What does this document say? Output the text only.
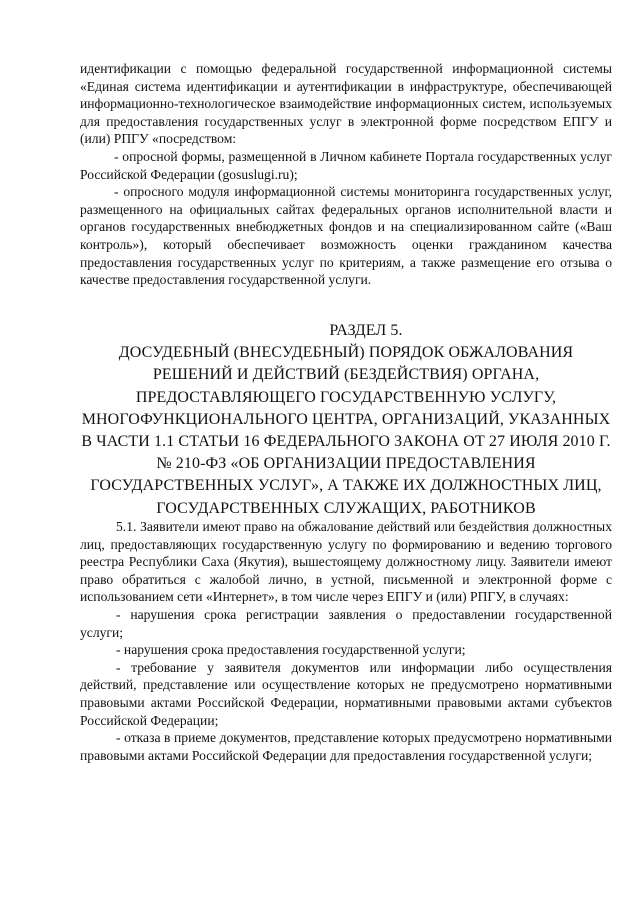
идентификации с помощью федеральной государственной информационной системы «Единая система идентификации и аутентификации в инфраструктуре, обеспечивающей информационно-технологическое взаимодействие информационных систем, используемых для предоставления государственных услуг в электронной форме посредством ЕПГУ и (или) РПГУ «посредством:

- опросной формы, размещенной в Личном кабинете Портала государственных услуг Российской Федерации (gosuslugi.ru);

- опросного модуля информационной системы мониторинга государственных услуг, размещенного на официальных сайтах федеральных органов исполнительной власти и органов государственных внебюджетных фондов и на специализированном сайте («Ваш контроль»), который обеспечивает возможность оценки гражданином качества предоставления государственных услуг по критериям, а также размещение его отзыва о качестве предоставления государственной услуги.

РАЗДЕЛ 5.
ДОСУДЕБНЫЙ (ВНЕСУДЕБНЫЙ) ПОРЯДОК ОБЖАЛОВАНИЯ РЕШЕНИЙ И ДЕЙСТВИЙ (БЕЗДЕЙСТВИЯ) ОРГАНА, ПРЕДОСТАВЛЯЮЩЕГО ГОСУДАРСТВЕННУЮ УСЛУГУ, МНОГОФУНКЦИОНАЛЬНОГО ЦЕНТРА, ОРГАНИЗАЦИЙ, УКАЗАННЫХ В ЧАСТИ 1.1 СТАТЬИ 16 ФЕДЕРАЛЬНОГО ЗАКОНА ОТ 27 ИЮЛЯ 2010 Г. № 210-ФЗ «ОБ ОРГАНИЗАЦИИ ПРЕДОСТАВЛЕНИЯ ГОСУДАРСТВЕННЫХ УСЛУГ», А ТАКЖЕ ИХ ДОЛЖНОСТНЫХ ЛИЦ, ГОСУДАРСТВЕННЫХ СЛУЖАЩИХ, РАБОТНИКОВ

5.1. Заявители имеют право на обжалование действий или бездействия должностных лиц, предоставляющих государственную услугу по формированию и ведению торгового реестра Республики Саха (Якутия), вышестоящему должностному лицу. Заявители имеют право обратиться с жалобой лично, в устной, письменной и электронной форме с использованием сети «Интернет», в том числе через ЕПГУ и (или) РПГУ, в случаях:

- нарушения срока регистрации заявления о предоставлении государственной услуги;

- нарушения срока предоставления государственной услуги;

- требование у заявителя документов или информации либо осуществления действий, представление или осуществление которых не предусмотрено нормативными правовыми актами Российской Федерации, нормативными правовыми актами субъектов Российской Федерации;

- отказа в приеме документов, представление которых предусмотрено нормативными правовыми актами Российской Федерации для предоставления государственной услуги;
